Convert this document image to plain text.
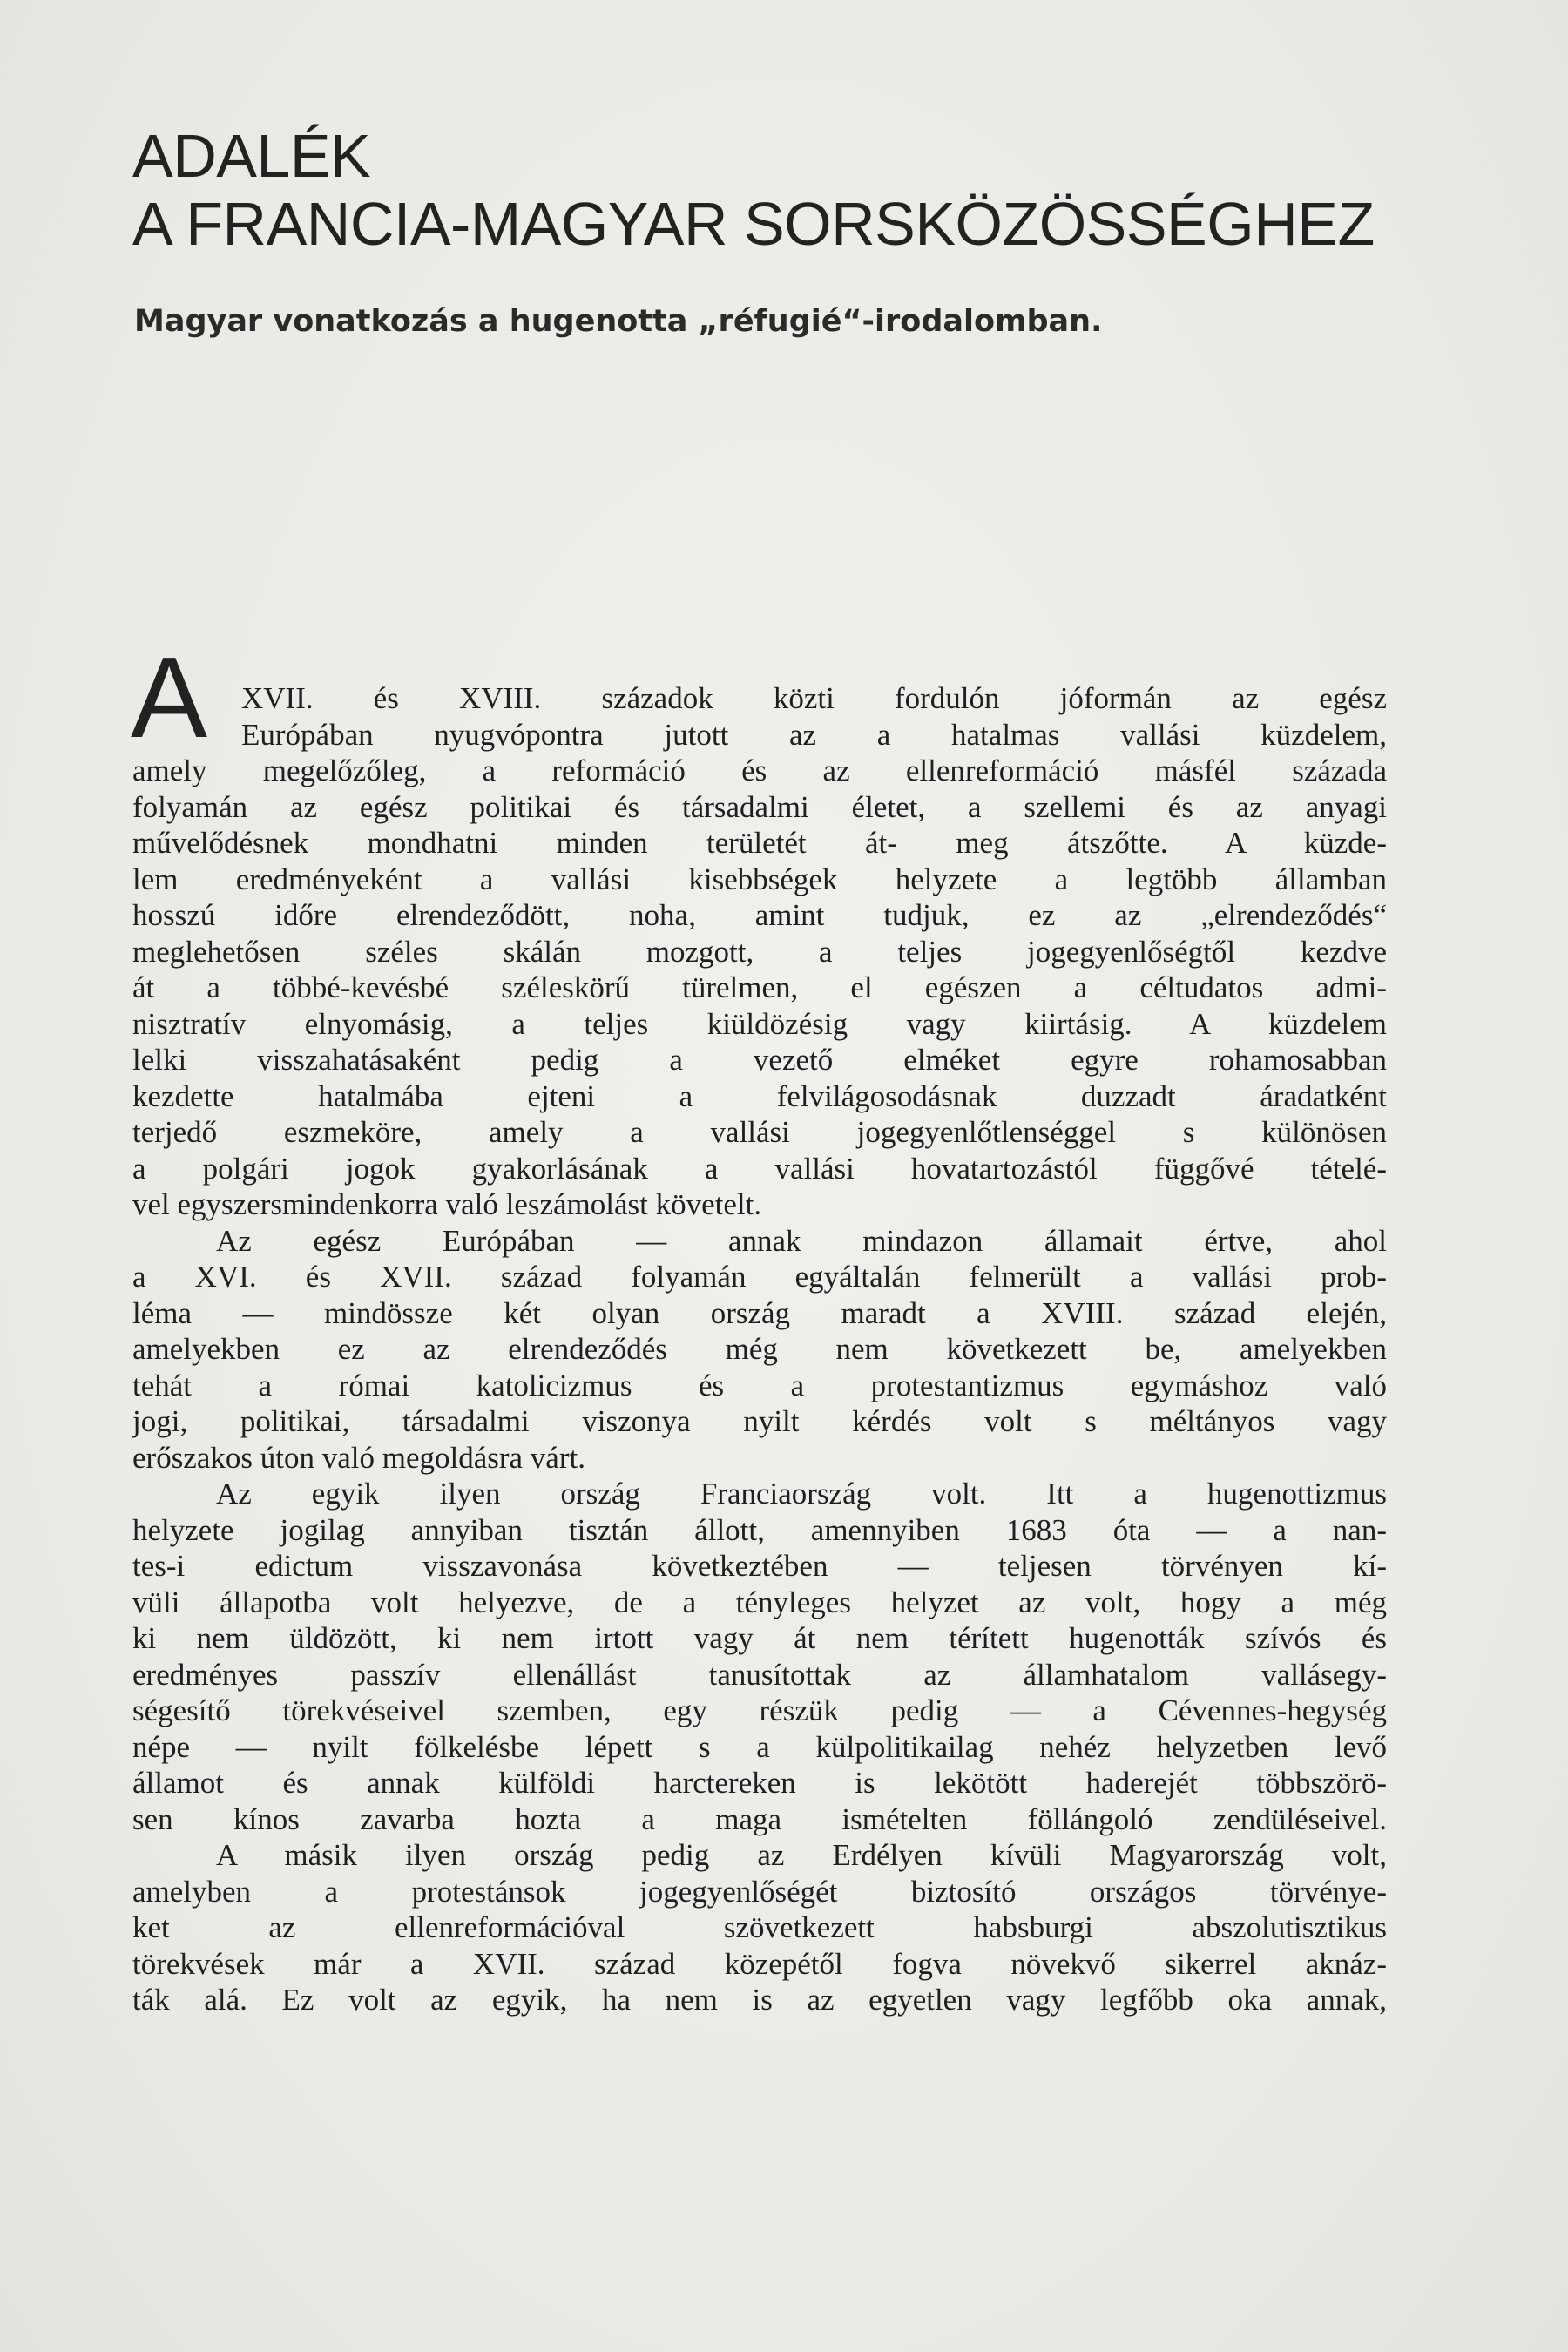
ADALÉK
A FRANCIA-MAGYAR SORSKÖZÖSSÉGHEZ
Magyar vonatkozás a hugenotta „réfugié“-irodalomban.
A	XVII. és XVIII. századok közti fordulón jóformán az egész
Európában nyugvópontra jutott az a hatalmas vallási küzdelem,
amely megelőzőleg, a reformáció és az ellenreformáció másfél százada
folyamán az egész politikai és társadalmi életet, a szellemi és az anyagi
művelődésnek mondhatni minden területét át- meg átszőtte. A küzde-
lem eredményeként a vallási kisebbségek helyzete a legtöbb államban
hosszú időre elrendeződött, noha, amint tudjuk, ez az „elrendeződés“
meglehetősen széles skálán mozgott, a teljes jogegyenlőségtől kezdve
át a többé-kevésbé széleskörű türelmen, el egészen a céltudatos admi-
nisztratív elnyomásig, a teljes kiüldözésig vagy kiirtásig. A küzdelem
lelki visszahatásaként pedig a vezető elméket egyre rohamosabban
kezdette hatalmába ejteni a felvilágosodásnak duzzadt áradatként
terjedő eszmeköre, amely a vallási jogegyenlőtlenséggel s különösen
a polgári jogok gyakorlásának a vallási hovatartozástól függővé tételé-
vel egyszersmindenkorra való leszámolást követelt.
Az egész Európában — annak mindazon államait értve, ahol
a XVI. és XVII. század folyamán egyáltalán felmerült a vallási prob-
léma — mindössze két olyan ország maradt a XVIII. század elején,
amelyekben ez az elrendeződés még nem következett be, amelyekben
tehát a római katolicizmus és a protestantizmus egymáshoz való
jogi, politikai, társadalmi viszonya nyilt kérdés volt s méltányos vagy
erőszakos úton való megoldásra várt.
Az egyik ilyen ország Franciaország volt. Itt a hugenottizmus
helyzete jogilag annyiban tisztán állott, amennyiben 1683 óta — a nan-
tes-i edictum visszavonása következtében — teljesen törvényen kí-
vüli állapotba volt helyezve, de a tényleges helyzet az volt, hogy a még
ki nem üldözött, ki nem irtott vagy át nem térített hugenották szívós és
eredményes passzív ellenállást tanusítottak az államhatalom vallásegy-
ségesítő törekvéseivel szemben, egy részük pedig — a Cévennes-hegység
népe — nyilt fölkelésbe lépett s a külpolitikailag nehéz helyzetben levő
államot és annak külföldi harctereken is lekötött haderejét többszörö-
sen kínos zavarba hozta a maga ismételten föllángoló zendüléseivel.
A másik ilyen ország pedig az Erdélyen kívüli Magyarország volt,
amelyben a protestánsok jogegyenlőségét biztosító országos törvénye-
ket az ellenreformációval szövetkezett habsburgi abszolutisztikus
törekvések már a XVII. század közepétől fogva növekvő sikerrel aknáz-
ták alá. Ez volt az egyik, ha nem is az egyetlen vagy legfőbb oka annak,
